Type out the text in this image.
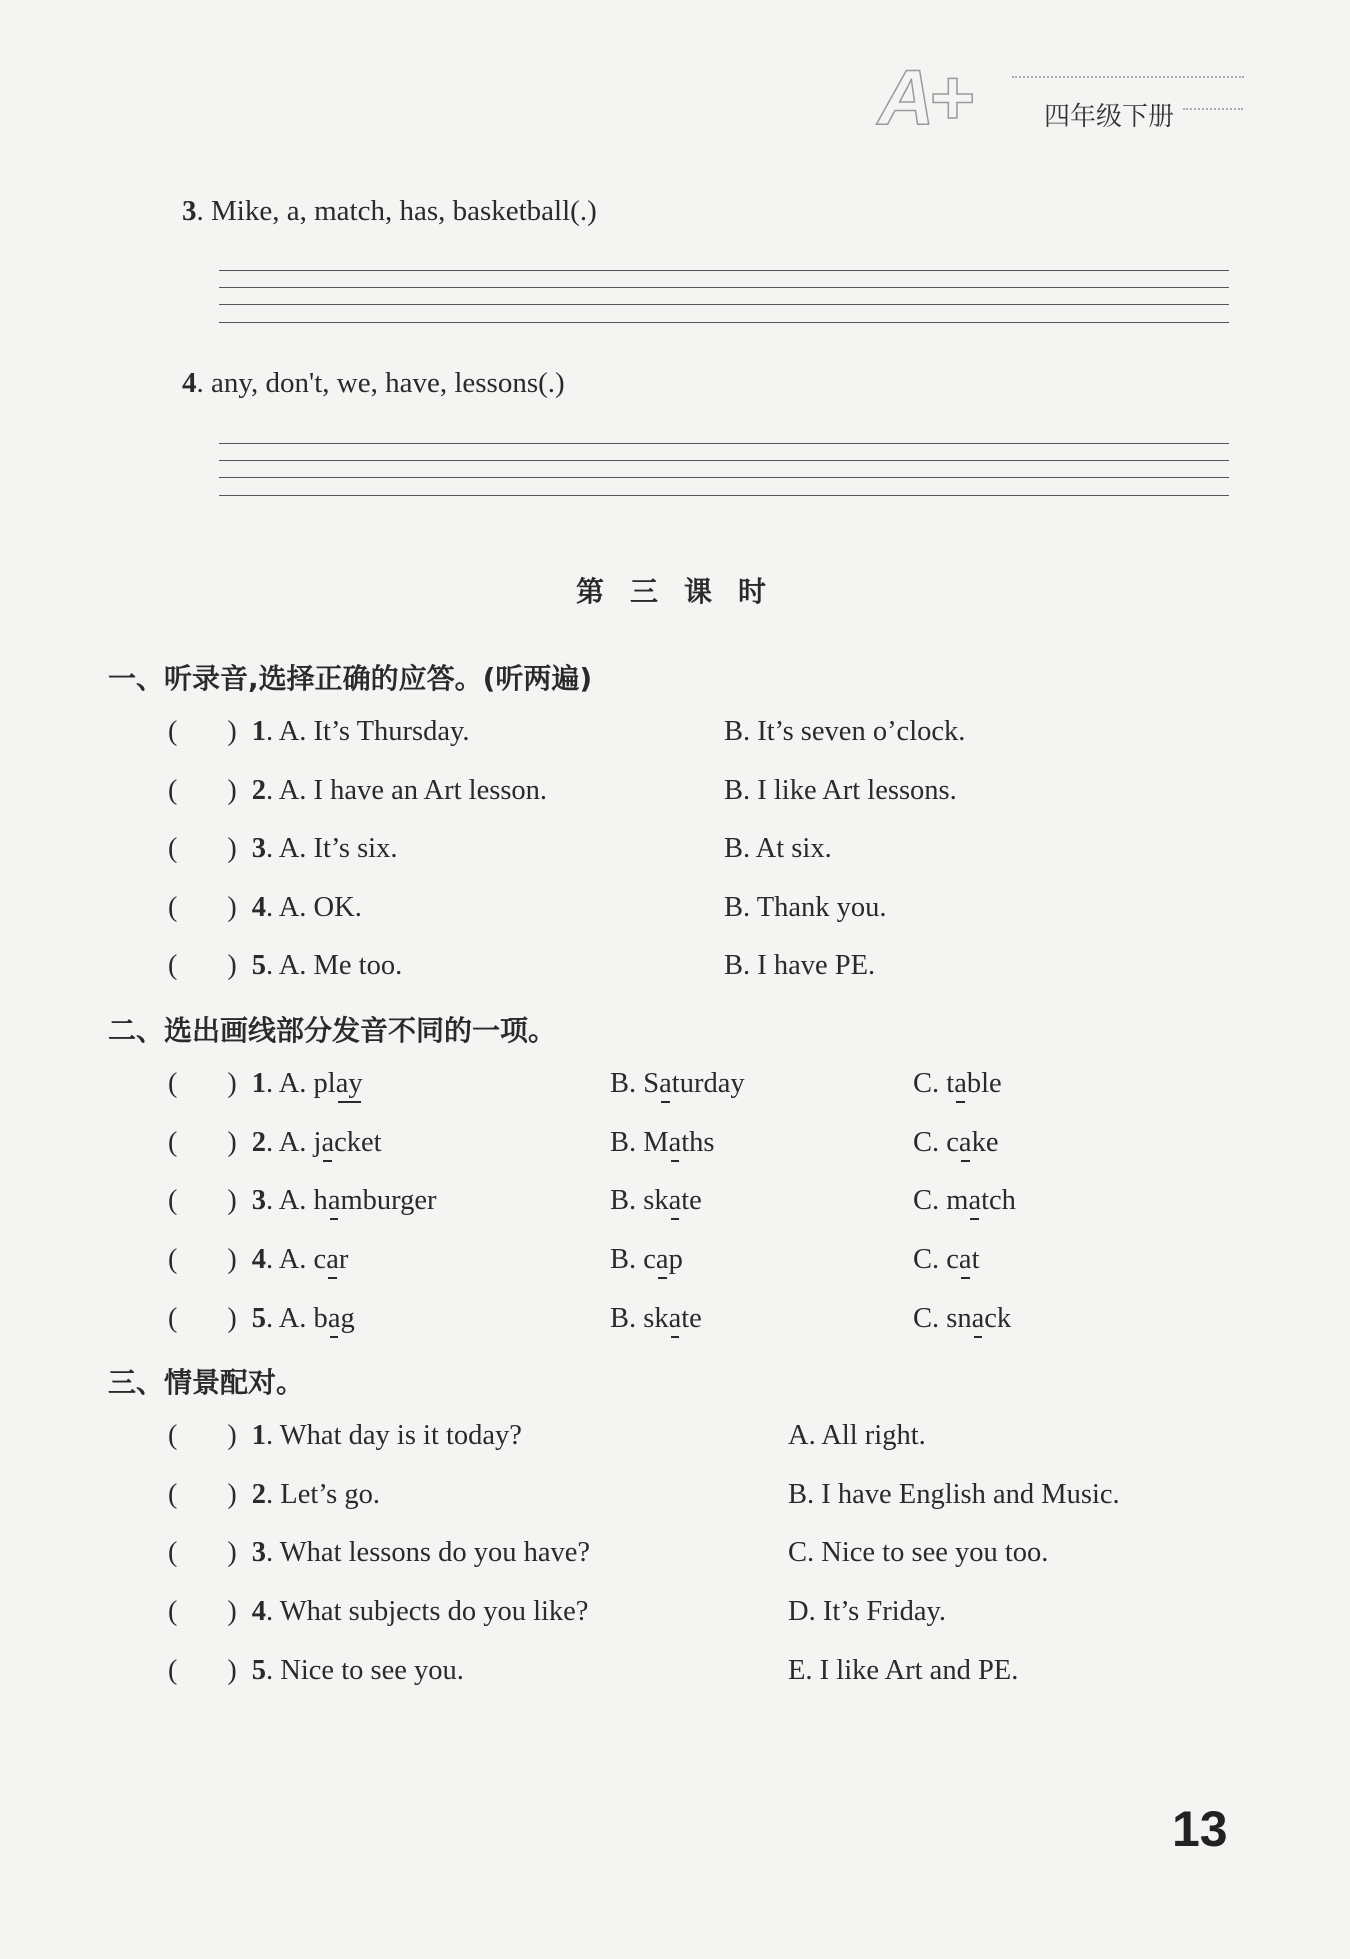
A+	四年级下册
3. Mike, a, match, has, basketball(.)
4. any, don't, we, have, lessons(.)
第三课时
一、听录音,选择正确的应答。(听两遍)
( ) 1. A. It’s Thursday.	B. It’s seven o’clock.
( ) 2. A. I have an Art lesson.	B. I like Art lessons.
( ) 3. A. It’s six.	B. At six.
( ) 4. A. OK.	B. Thank you.
( ) 5. A. Me too.	B. I have PE.
二、选出画线部分发音不同的一项。
( ) 1. A. play	B. Saturday	C. table
( ) 2. A. jacket	B. Maths	C. cake
( ) 3. A. hamburger	B. skate	C. match
( ) 4. A. car	B. cap	C. cat
( ) 5. A. bag	B. skate	C. snack
三、情景配对。
( ) 1. What day is it today?	A. All right.
( ) 2. Let’s go.	B. I have English and Music.
( ) 3. What lessons do you have?	C. Nice to see you too.
( ) 4. What subjects do you like?	D. It’s Friday.
( ) 5. Nice to see you.	E. I like Art and PE.
13
